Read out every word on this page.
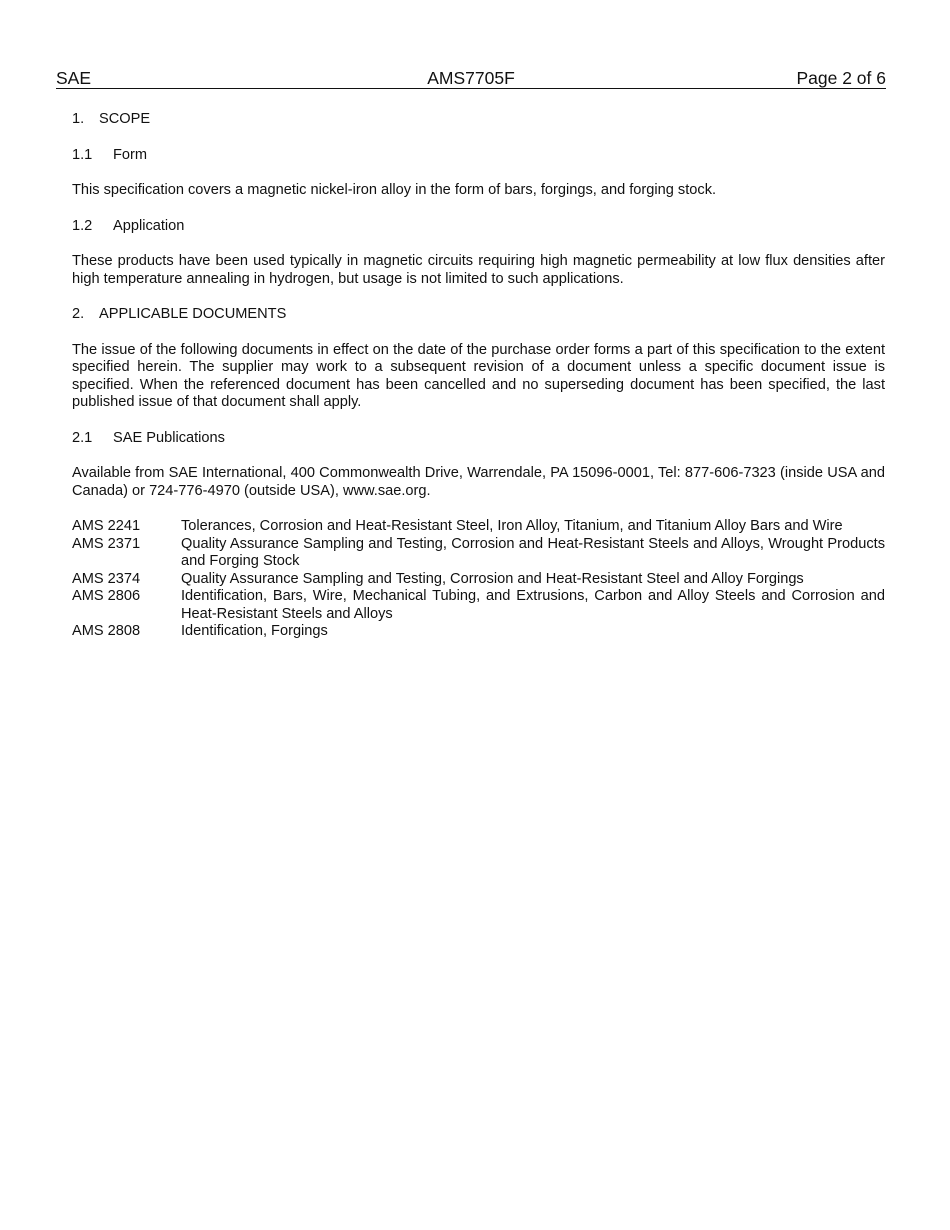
SAE	AMS7705F	Page 2 of 6
1. SCOPE
1.1 Form

This specification covers a magnetic nickel-iron alloy in the form of bars, forgings, and forging stock.

1.2 Application

These products have been used typically in magnetic circuits requiring high magnetic permeability at low flux densities after high temperature annealing in hydrogen, but usage is not limited to such applications.

2. APPLICABLE DOCUMENTS

The issue of the following documents in effect on the date of the purchase order forms a part of this specification to the extent specified herein. The supplier may work to a subsequent revision of a document unless a specific document issue is specified. When the referenced document has been cancelled and no superseding document has been specified, the last published issue of that document shall apply.

2.1 SAE Publications

Available from SAE International, 400 Commonwealth Drive, Warrendale, PA 15096-0001, Tel: 877-606-7323 (inside USA and Canada) or 724-776-4970 (outside USA), www.sae.org.

AMS 2241	Tolerances, Corrosion and Heat-Resistant Steel, Iron Alloy, Titanium, and Titanium Alloy Bars and Wire
AMS 2371	Quality Assurance Sampling and Testing, Corrosion and Heat-Resistant Steels and Alloys, Wrought Products and Forging Stock
AMS 2374	Quality Assurance Sampling and Testing, Corrosion and Heat-Resistant Steel and Alloy Forgings
AMS 2806	Identification, Bars, Wire, Mechanical Tubing, and Extrusions, Carbon and Alloy Steels and Corrosion and Heat-Resistant Steels and Alloys
AMS 2808	Identification, Forgings
